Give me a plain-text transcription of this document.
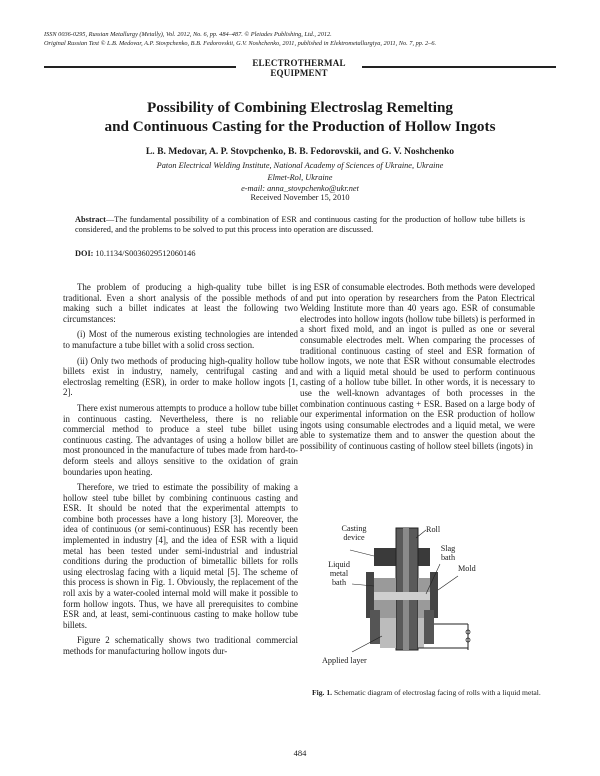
ISSN 0036-0295, Russian Metallurgy (Metally), Vol. 2012, No. 6, pp. 484–487. © Pleiades Publishing, Ltd., 2012.
Original Russian Text © L.B. Medovar, A.P. Stovpchenko, B.B. Fedorovskii, G.V. Noshchenko, 2011, published in Elektrometallurgiya, 2011, No. 7, pp. 2–6.
ELECTROTHERMAL
EQUIPMENT
Possibility of Combining Electroslag Remelting
and Continuous Casting for the Production of Hollow Ingots
L. B. Medovar, A. P. Stovpchenko, B. B. Fedorovskii, and G. V. Noshchenko
Paton Electrical Welding Institute, National Academy of Sciences of Ukraine, Ukraine
Elmet-Rol, Ukraine
e-mail: anna_stovpchenko@ukr.net
Received November 15, 2010
Abstract—The fundamental possibility of a combination of ESR and continuous casting for the production of hollow tube billets is considered, and the problems to be solved to put this process into operation are discussed.
DOI: 10.1134/S0036029512060146

The problem of producing a high-quality tube billet is traditional. Even a short analysis of the possible methods of making such a billet indicates at least the following two circumstances:

(i) Most of the numerous existing technologies are intended to manufacture a tube billet with a solid cross section.

(ii) Only two methods of producing high-quality hollow tube billets exist in industry, namely, centrifugal casting and electroslag remelting (ESR), in order to make hollow ingots [1, 2].

There exist numerous attempts to produce a hollow tube billet in continuous casting. Nevertheless, there is no reliable commercial method to produce a steel tube billet using continuous casting. The advantages of using a hollow billet are most pronounced in the manufacture of tubes made from hard-to-deform steels and alloys sensitive to the oxidation of grain boundaries upon heating.

Therefore, we tried to estimate the possibility of making a hollow steel tube billet by combining continuous casting and ESR. It should be noted that the experimental attempts to combine both processes have a long history [3]. Moreover, the idea of continuous (or semi-continuous) ESR has recently been implemented in industry [4], and the idea of ESR with a liquid metal has been tested under semi-industrial and industrial conditions during the production of bimetallic billets for rolls using electroslag facing with a liquid metal [5]. The scheme of this process is shown in Fig. 1. Obviously, the replacement of the roll axis by a water-cooled internal mold will make it possible to form hollow ingots. Thus, we have all prerequisites to combine ESR and, at least, semi-continuous casting to make hollow tube billets.

Figure 2 schematically shows two traditional commercial methods for manufacturing hollow ingots dur-

ing ESR of consumable electrodes. Both methods were developed and put into operation by researchers from the Paton Electrical Welding Institute more than 40 years ago. ESR of consumable electrodes into hollow ingots (hollow tube billets) is performed in a short fixed mold, and an ingot is pulled as one or several consumable electrodes melt. When comparing the processes of traditional continuous casting of steel and ESR formation of hollow ingots, we note that ESR without consumable electrodes and with a liquid metal should be used to perform continuous casting of a hollow tube billet. In other words, it is necessary to use the well-known advantages of both processes in the combination continuous casting + ESR. Based on a large body of our experimental information on the ESR production of hollow ingots using consumable electrodes and a liquid metal, we were able to systematize them and to answer the question about the possibility of continuous casting of hollow steel billets (ingots) in

Casting device
Roll
Slag bath
Mold
Liquid metal bath
Applied layer
Fig. 1. Schematic diagram of electroslag facing of rolls with a liquid metal.
484
